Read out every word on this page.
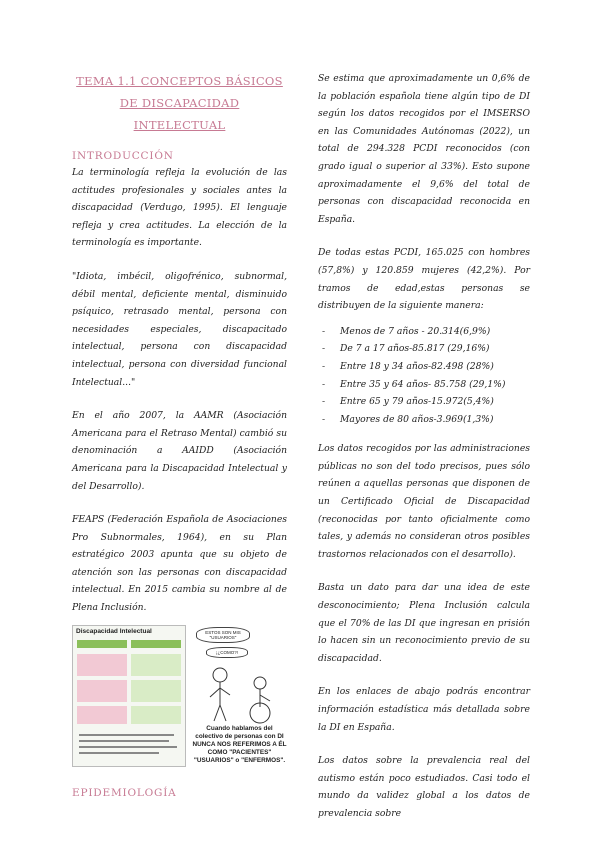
TEMA 1.1 CONCEPTOS BÁSICOS DE DISCAPACIDAD INTELECTUAL
INTRODUCCIÓN
La terminología refleja la evolución de las actitudes profesionales y sociales antes la discapacidad (Verdugo, 1995). El lenguaje refleja y crea actitudes. La elección de la terminología es importante.
"Idiota, imbécil, oligofrénico, subnormal, débil mental, deficiente mental, disminuido psíquico, retrasado mental, persona con necesidades especiales, discapacitado intelectual, persona con discapacidad intelectual, persona con diversidad funcional Intelectual..."
En el año 2007, la AAMR (Asociación Americana para el Retraso Mental) cambió su denominación a AAIDD (Asociación Americana para la Discapacidad Intelectual y del Desarrollo).
FEAPS (Federación Española de Asociaciones Pro Subnormales, 1964), en su Plan estratégico 2003 apunta que su objeto de atención son las personas con discapacidad intelectual. En 2015 cambia su nombre al de Plena Inclusión.
Discapacidad Intelectual	ESTOS SON MIS "USUARIOS"
¡¿COMO?!
Cuando hablamos del colectivo de personas con DI NUNCA NOS REFERIMOS A ÉL COMO "PACIENTES" "USUARIOS" o "ENFERMOS".
EPIDEMIOLOGÍA
Se estima que aproximadamente un 0,6% de la población española tiene algún tipo de DI según los datos recogidos por el IMSERSO en las Comunidades Autónomas (2022), un total de 294.328 PCDI reconocidos (con grado igual o superior al 33%). Esto supone aproximadamente el 9,6% del total de personas con discapacidad reconocida en España.
De todas estas PCDI, 165.025 con hombres (57,8%) y 120.859 mujeres (42,2%). Por tramos de edad,estas personas se distribuyen de la siguiente manera:
- Menos de 7 años - 20.314(6,9%)
- De 7 a 17 años-85.817 (29,16%)
- Entre 18 y 34 años-82.498 (28%)
- Entre 35 y 64 años- 85.758 (29,1%)
- Entre 65 y 79 años-15.972(5,4%)
- Mayores de 80 años-3.969(1,3%)
Los datos recogidos por las administraciones públicas no son del todo precisos, pues sólo reúnen a aquellas personas que disponen de un Certificado Oficial de Discapacidad (reconocidas por tanto oficialmente como tales, y además no consideran otros posibles trastornos relacionados con el desarrollo).
Basta un dato para dar una idea de este desconocimiento; Plena Inclusión calcula que el 70% de las DI que ingresan en prisión lo hacen sin un reconocimiento previo de su discapacidad.
En los enlaces de abajo podrás encontrar información estadística más detallada sobre la DI en España.
Los datos sobre la prevalencia real del autismo están poco estudiados. Casi todo el mundo da validez global a los datos de prevalencia sobre
